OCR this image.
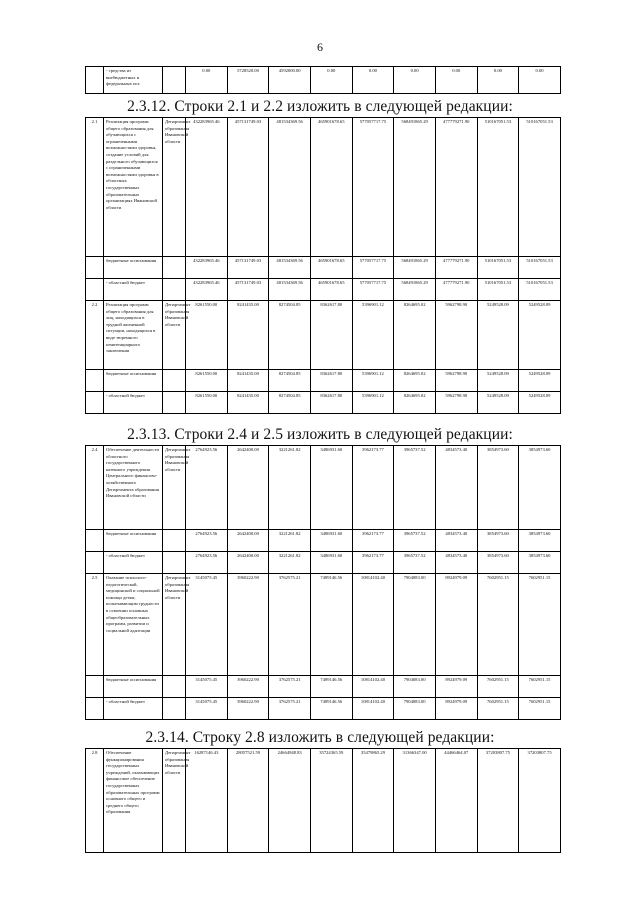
6
	- средства из внебюджетных и федеральных ист.		0.00	5728520.00	4592000.00	0.00	0.00	0.00	0.00	0.00	0.00
2.3.12. Строки 2.1 и 2.2 изложить в следующей редакции:
2.1	Реализация программ общего образования для обучающихся с ограниченными возможностями здоровья, создание условий для раздельного обучающихся с ограниченными возможностями здоровья в областных государственных образовательных организациях Ивановской области	Департамент образования Ивановской области	432283965.46	457131749.03	481534369.56	465901678.65	577057717.75	568491865.29	477779271.90	510167051.53	510167051.53
	бюджетные ассигнования		432283965.46	457131749.03	481534369.56	465901678.65	577057717.75	568491865.29	477779271.90	510167051.53	510167051.53
	- областной бюджет		432283965.46	457131749.03	481534369.56	465901678.65	577057717.75	568491865.29	477779271.90	510167051.53	510167051.53
2.2	Реализация программ общего образования для лиц, находящихся в трудной жизненной ситуации, находящихся в виде тюремного пенитенциарного заключения	Департамент образования Ивановской области	8261550.00	8241435.00	8274504.85	8362617.80	5396901.12	8264695.02	5962798.90	5249528.09	5249528.09
	бюджетные ассигнования		8261550.00	8241435.00	8274504.85	8362617.80	5396901.12	8264695.02	5962798.90	5249528.09	5249528.09
	- областной бюджет		8261550.00	8241435.00	8274504.85	8362617.80	5396901.12	8264695.02	5962798.90	5249528.09	5249528.09
2.3.13. Строки 2.4 и 2.5 изложить в следующей редакции:
2.4	Обеспечение деятельности областного государственного казенного учреждения Центрального финансово-хозяйственного Департамента образования Ивановской области	Департамент образования Ивановской области	2764923.56	2642400.00	3221261.82	3486931.60	3962173.77	3965737.52	4834573.40	3854973.60	3854973.60
	бюджетные ассигнования		2764923.56	2642400.00	3221261.82	3486931.60	3962173.77	3965737.52	4834573.40	3854973.60	3854973.60
	- областной бюджет		2764923.56	2642400.00	3221261.82	3486931.60	3962173.77	3965737.52	4834573.40	3854973.60	3854973.60
2.5	Оказание психолого-педагогической, медицинской и социальной помощи детям, испытывающим трудности в освоении основных общеобразовательных программ, развитии и социальной адаптации	Департамент образования Ивановской области	3145075.45	3960222.90	3762575.21	7489146.56	10814102.40	7904083.00	8924979.09	7602951.15	7602951.15
	бюджетные ассигнования		3145075.45	3960222.90	3762575.21	7489146.56	10814102.40	7904083.00	8924979.09	7602951.15	7602951.15
	- областной бюджет		3145075.45	3960222.90	3762575.21	7489146.56	10814102.40	7904083.00	8924979.09	7602951.15	7602951.15
2.3.14. Строку 2.8 изложить в следующей редакции:
2.8	Обеспечение функционирования государственных учреждений, оказывающих финансовое обеспечение государственных образовательных программ основного общего и среднего общего образования	Департамент образования Ивановской области	16287146.43	28057521.59	24664948.83	35724365.59	35479865.29	31366347.00	44466464.07	37203807.75	37203807.75
